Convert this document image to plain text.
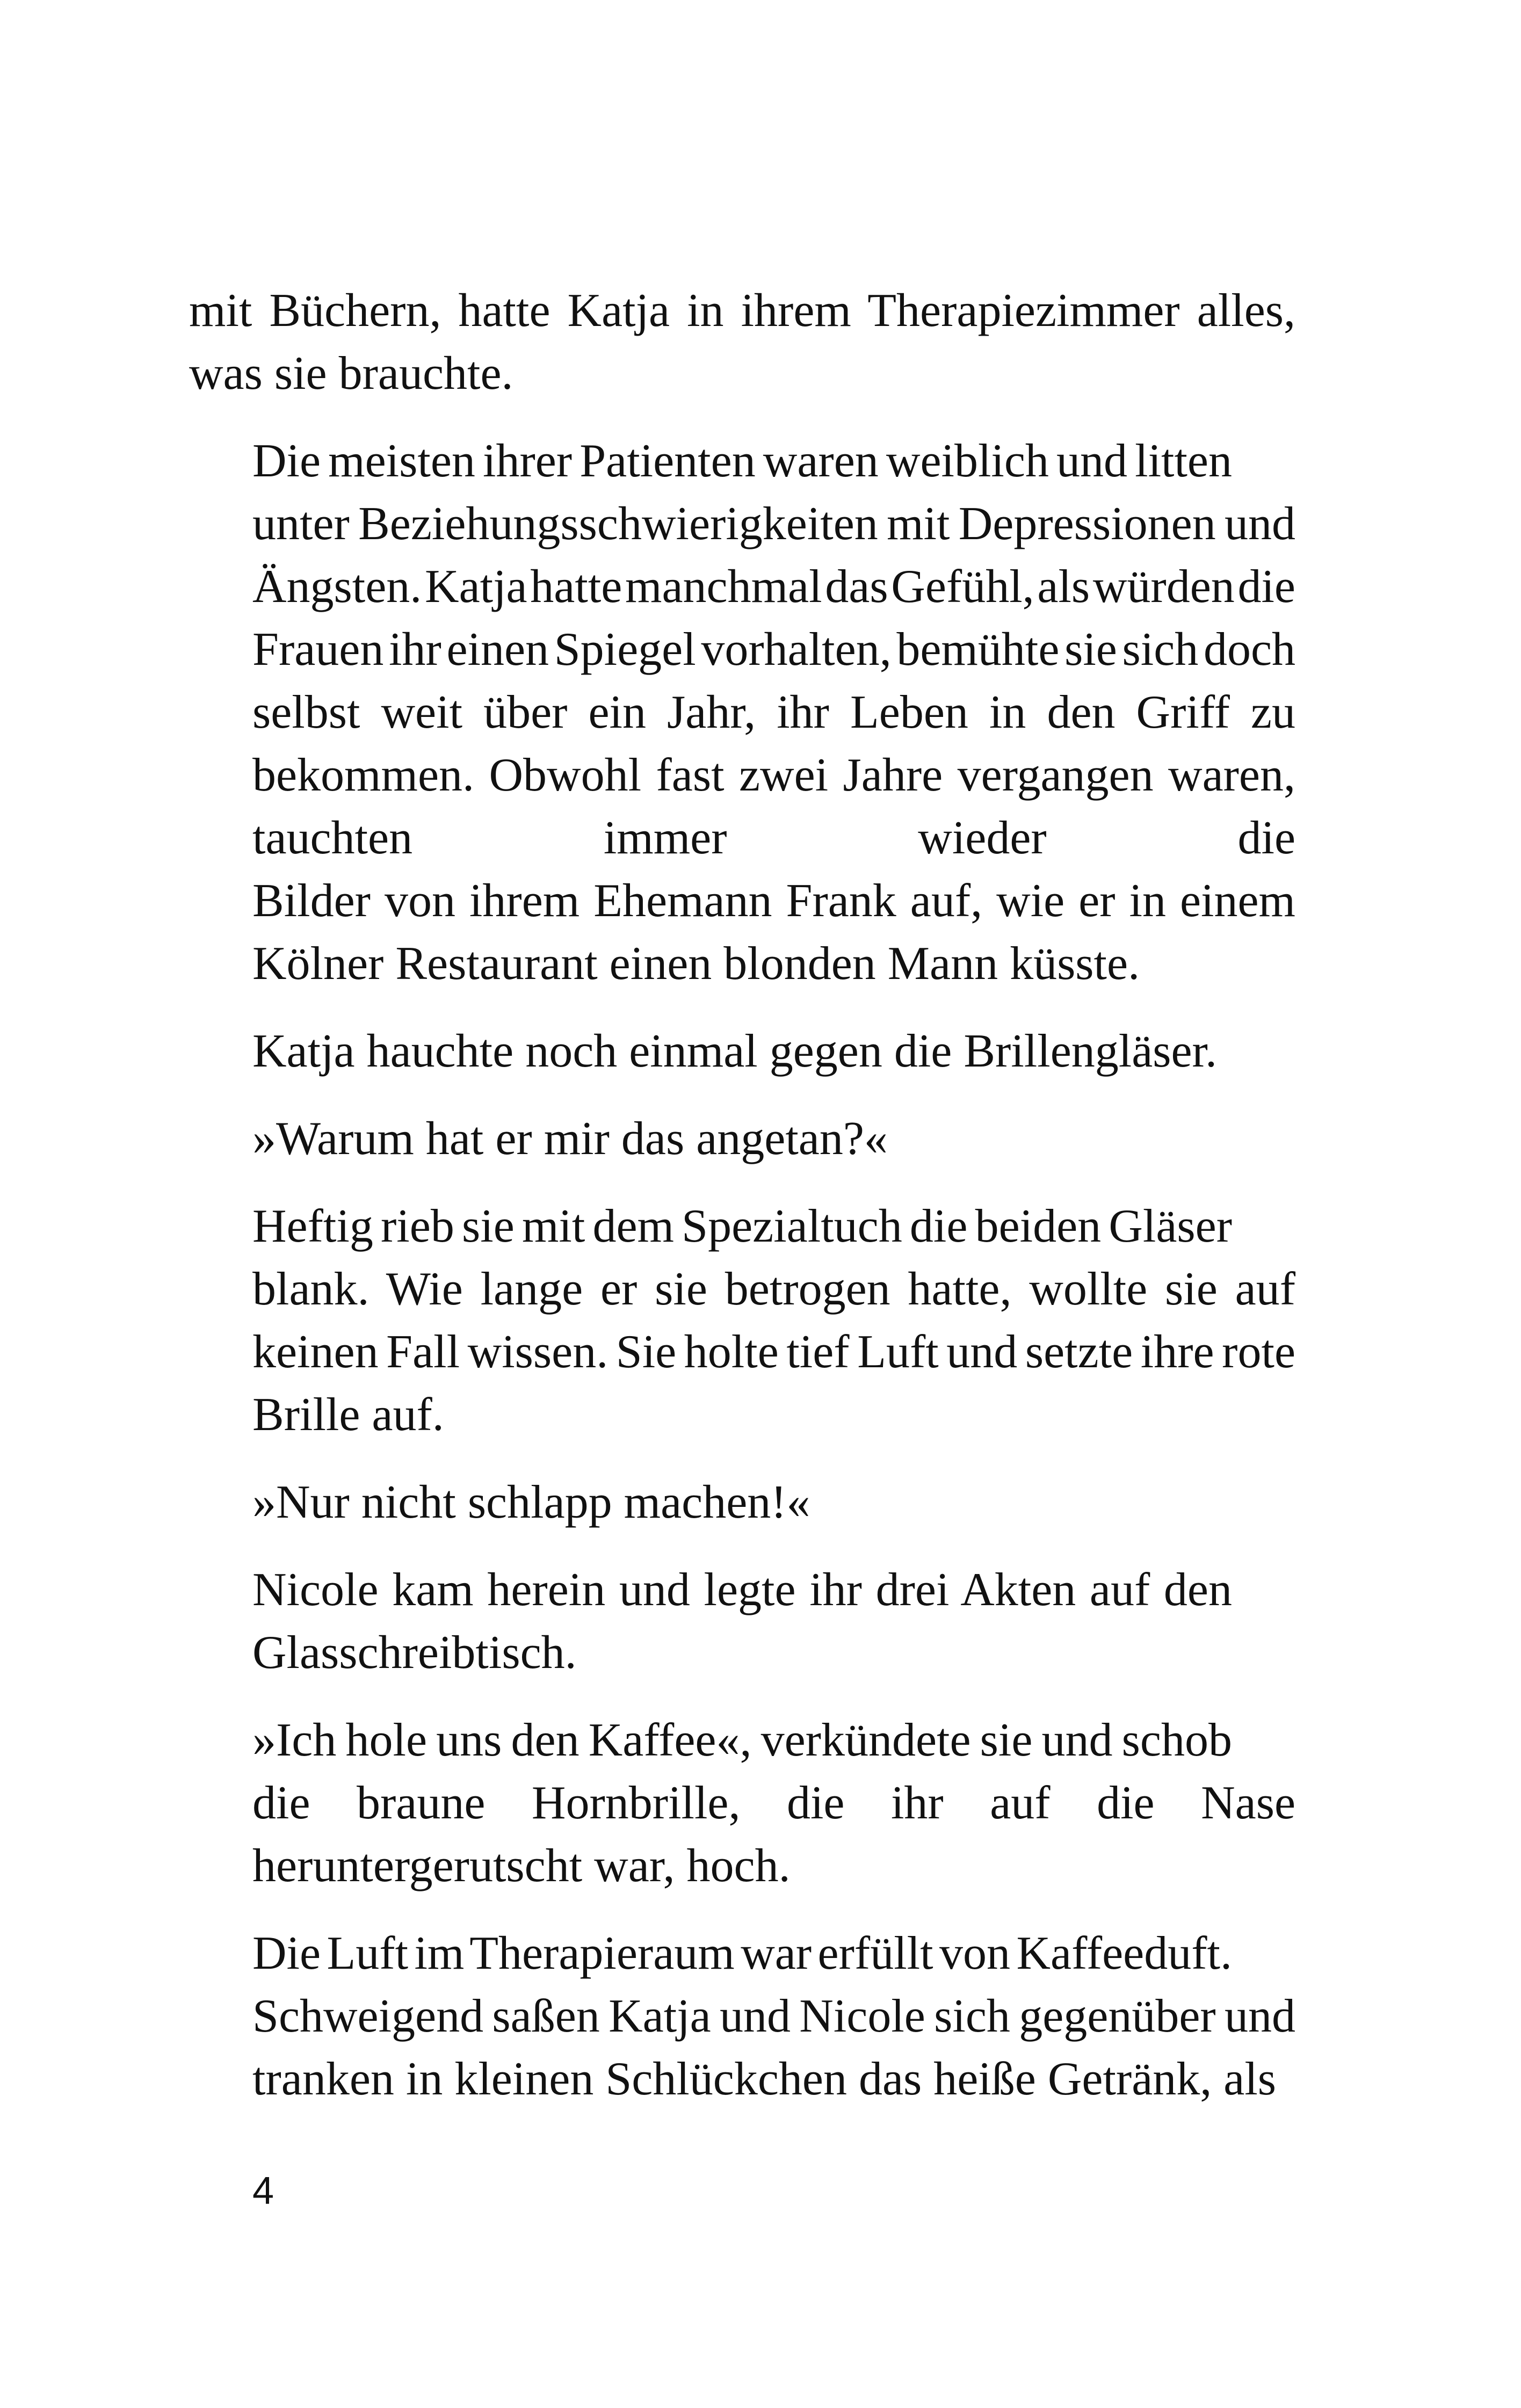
mit Büchern, hatte Katja in ihrem Therapiezimmer alles,
was sie brauchte.
Die meisten ihrer Patienten waren weiblich und litten
unter Beziehungsschwierigkeiten mit Depressionen und
Ängsten. Katja hatte manchmal das Gefühl, als würden die
Frauen ihr einen Spiegel vorhalten, bemühte sie sich doch
selbst weit über ein Jahr, ihr Leben in den Griff zu
bekommen. Obwohl fast zwei Jahre vergangen waren,
tauchten immer wieder die
Bilder von ihrem Ehemann Frank auf, wie er in einem
Kölner Restaurant einen blonden Mann küsste.
Katja hauchte noch einmal gegen die Brillengläser.
»Warum hat er mir das angetan?«
Heftig rieb sie mit dem Spezialtuch die beiden Gläser
blank. Wie lange er sie betrogen hatte, wollte sie auf
keinen Fall wissen. Sie holte tief Luft und setzte ihre rote
Brille auf.
»Nur nicht schlapp machen!«
Nicole kam herein und legte ihr drei Akten auf den
Glasschreibtisch.
»Ich hole uns den Kaffee«, verkündete sie und schob
die braune Hornbrille, die ihr auf die Nase
heruntergerutscht war, hoch.
Die Luft im Therapieraum war erfüllt von Kaffeeduft.
Schweigend saßen Katja und Nicole sich gegenüber und
tranken in kleinen Schlückchen das heiße Getränk, als
4
